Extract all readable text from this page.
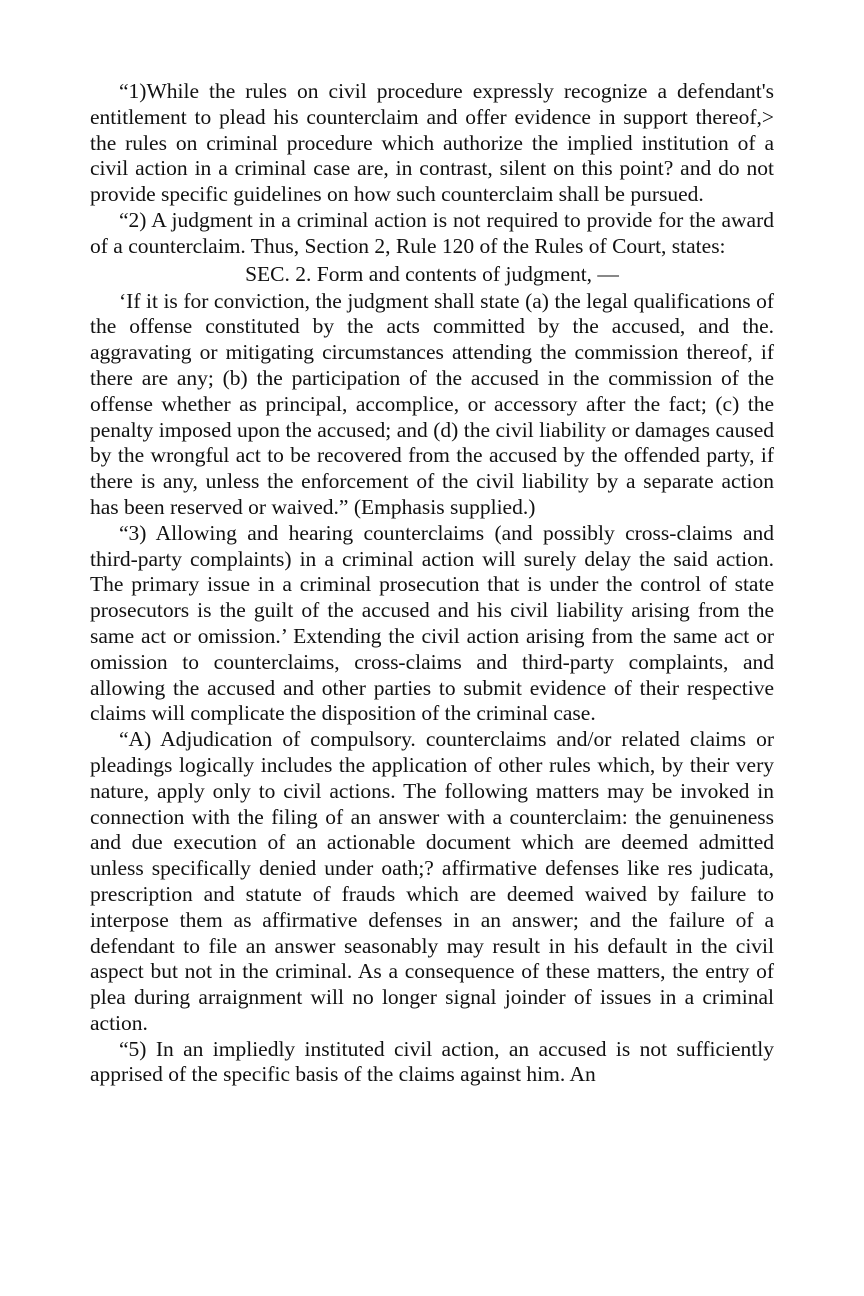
“1)While the rules on civil procedure expressly recognize a defendant's entitlement to plead his counterclaim and offer evidence in support thereof,> the rules on criminal procedure which authorize the implied institution of a civil action in a criminal case are, in contrast, silent on this point? and do not provide specific guidelines on how such counterclaim shall be pursued.

“2) A judgment in a criminal action is not required to provide for the award of a counterclaim. Thus, Section 2, Rule 120 of the Rules of Court, states:

SEC. 2. Form and contents of judgment, —

‘If it is for conviction, the judgment shall state (a) the legal qualifications of the offense constituted by the acts committed by the accused, and the. aggravating or mitigating circumstances attending the commission thereof, if there are any; (b) the participation of the accused in the commission of the offense whether as principal, accomplice, or accessory after the fact; (c) the penalty imposed upon the accused; and (d) the civil liability or damages caused by the wrongful act to be recovered from the accused by the offended party, if there is any, unless the enforcement of the civil liability by a separate action has been reserved or waived.” (Emphasis supplied.)

“3) Allowing and hearing counterclaims (and possibly cross-claims and third-party complaints) in a criminal action will surely delay the said action. The primary issue in a criminal prosecution that is under the control of state prosecutors is the guilt of the accused and his civil liability arising from the same act or omission.’ Extending the civil action arising from the same act or omission to counterclaims, cross-claims and third-party complaints, and allowing the accused and other parties to submit evidence of their respective claims will complicate the disposition of the criminal case.

“A) Adjudication of compulsory. counterclaims and/or related claims or pleadings logically includes the application of other rules which, by their very nature, apply only to civil actions. The following matters may be invoked in connection with the filing of an answer with a counterclaim: the genuineness and due execution of an actionable document which are deemed admitted unless specifically denied under oath;? affirmative defenses like res judicata, prescription and statute of frauds which are deemed waived by failure to interpose them as affirmative defenses in an answer; and the failure of a defendant to file an answer seasonably may result in his default in the civil aspect but not in the criminal. As a consequence of these matters, the entry of plea during arraignment will no longer signal joinder of issues in a criminal action.

“5) In an impliedly instituted civil action, an accused is not sufficiently apprised of the specific basis of the claims against him. An
